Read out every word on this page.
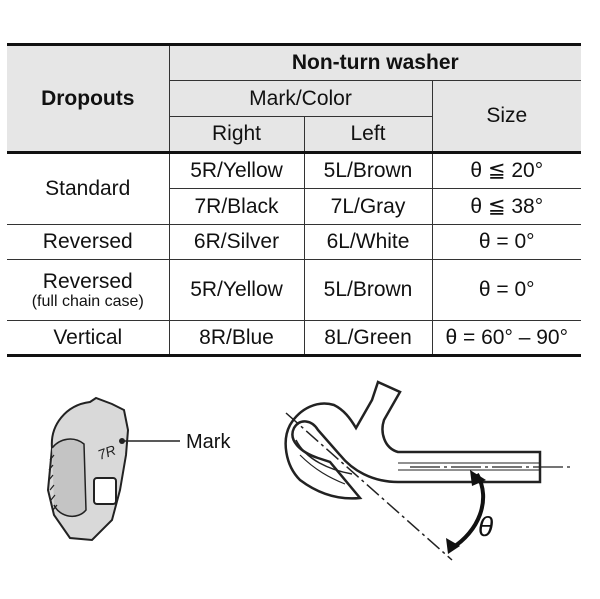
Dropouts	Non-turn washer		
	Mark/Color		Size
	Right	Left	
Standard	5R/Yellow	5L/Brown	θ ≦ 20°
	7R/Black	7L/Gray	θ ≦ 38°
Reversed	6R/Silver	6L/White	θ = 0°

Reversed
(full chain case)	5R/Yellow	5L/Brown	θ = 0°
Vertical	8R/Blue	8L/Green	θ = 60° – 90°
7R	Mark
θ
